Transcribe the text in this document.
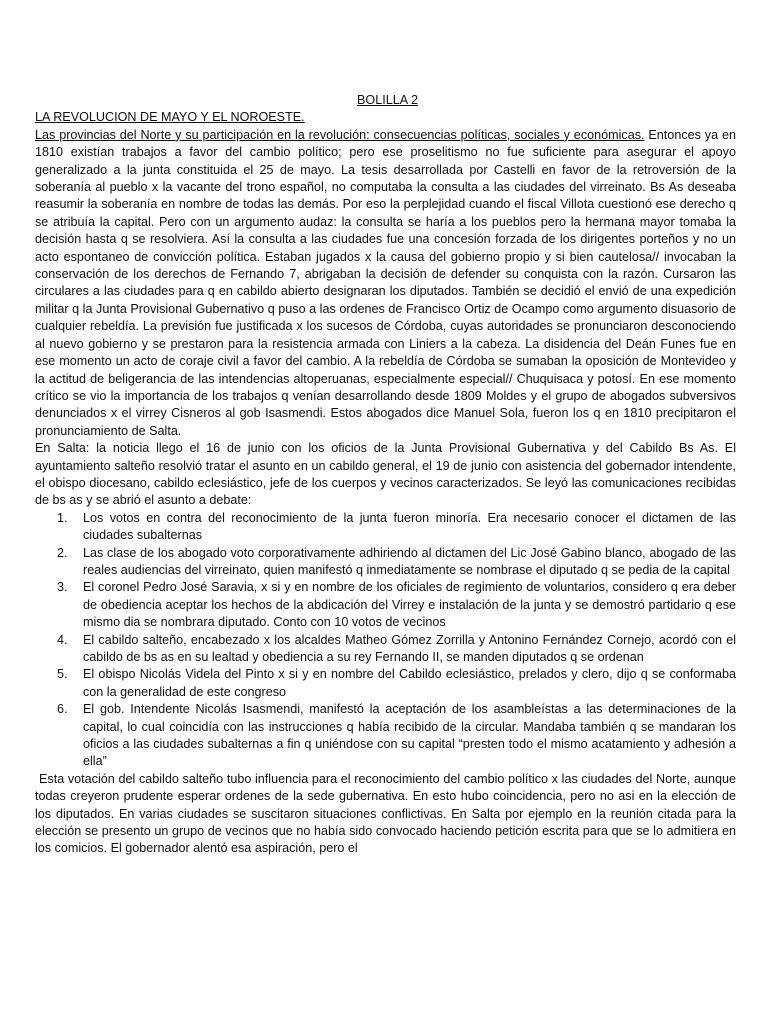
BOLILLA 2

LA REVOLUCION DE MAYO Y EL NOROESTE.

Las provincias del Norte y su participación en la revolución: consecuencias políticas, sociales y económicas. Entonces ya en 1810 existían trabajos a favor del cambio político; pero ese proselitismo no fue suficiente para asegurar el apoyo generalizado a la junta constituida el 25 de mayo. La tesis desarrollada por Castelli en favor de la retroversión de la soberanía al pueblo x la vacante del trono español, no computaba la consulta a las ciudades del virreinato. Bs As deseaba reasumir la soberanía en nombre de todas las demás. Por eso la perplejidad cuando el fiscal Villota cuestionó ese derecho q se atribuía la capital. Pero con un argumento audaz: la consulta se haría a los pueblos pero la hermana mayor tomaba la decisión hasta q se resolviera. Así la consulta a las ciudades fue una concesión forzada de los dirigentes porteños y no un acto espontaneo de convicción política. Estaban jugados x la causa del gobierno propio y si bien cautelosa// invocaban la conservación de los derechos de Fernando 7, abrigaban la decisión de defender su conquista con la razón. Cursaron las circulares a las ciudades para q en cabildo abierto designaran los diputados. También se decidió el envió de una expedición militar q la Junta Provisional Gubernativo q puso a las ordenes de Francisco Ortiz de Ocampo como argumento disuasorio de cualquier rebeldía. La previsión fue justificada x los sucesos de Córdoba, cuyas autoridades se pronunciaron desconociendo al nuevo gobierno y se prestaron para la resistencia armada con Liniers a la cabeza. La disidencia del Deán Funes fue en ese momento un acto de coraje civil a favor del cambio. A la rebeldía de Córdoba se sumaban la oposición de Montevideo y la actitud de beligerancia de las intendencias altoperuanas, especialmente especial// Chuquisaca y potosí. En ese momento crítico se vio la importancia de los trabajos q venían desarrollando desde 1809 Moldes y el grupo de abogados subversivos denunciados x el virrey Cisneros al gob Isasmendi. Estos abogados dice Manuel Sola, fueron los q en 1810 precipitaron el pronunciamiento de Salta.

En Salta: la noticia llego el 16 de junio con los oficios de la Junta Provisional Gubernativa y del Cabildo Bs As. El ayuntamiento salteño resolvió tratar el asunto en un cabildo general, el 19 de junio con asistencia del gobernador intendente, el obispo diocesano, cabildo eclesiástico, jefe de los cuerpos y vecinos caracterizados. Se leyó las comunicaciones recibidas de bs as y se abrió el asunto a debate:

1. Los votos en contra del reconocimiento de la junta fueron minoría. Era necesario conocer el dictamen de las ciudades subalternas
2. Las clase de los abogado voto corporativamente adhiriendo al dictamen del Lic José Gabino blanco, abogado de las reales audiencias del virreinato, quien manifestó q inmediatamente se nombrase el diputado q se pedia de la capital
3. El coronel Pedro José Saravia, x si y en nombre de los oficiales de regimiento de voluntarios, considero q era deber de obediencia aceptar los hechos de la abdicación del Virrey e instalación de la junta y se demostró partidario q ese mismo dia se nombrara diputado. Conto con 10 votos de vecinos
4. El cabildo salteño, encabezado x los alcaldes Matheo Gómez Zorrilla y Antonino Fernández Cornejo, acordó con el cabildo de bs as en su lealtad y obediencia a su rey Fernando II, se manden diputados q se ordenan
5. El obispo Nicolás Videla del Pinto x si y en nombre del Cabildo eclesiástico, prelados y clero, dijo q se conformaba con la generalidad de este congreso
6. El gob. Intendente Nicolás Isasmendi, manifestó la aceptación de los asambleístas a las determinaciones de la capital, lo cual coincidía con las instrucciones q había recibido de la circular. Mandaba también q se mandaran los oficios a las ciudades subalternas a fin q uniéndose con su capital “presten todo el mismo acatamiento y adhesión a ella”

Esta votación del cabildo salteño tubo influencia para el reconocimiento del cambio político x las ciudades del Norte, aunque todas creyeron prudente esperar ordenes de la sede gubernativa. En esto hubo coincidencia, pero no asi en la elección de los diputados. En varias ciudades se suscitaron situaciones conflictivas. En Salta por ejemplo en la reunión citada para la elección se presento un grupo de vecinos que no había sido convocado haciendo petición escrita para que se lo admitiera en los comicios. El gobernador alentó esa aspiración, pero el
